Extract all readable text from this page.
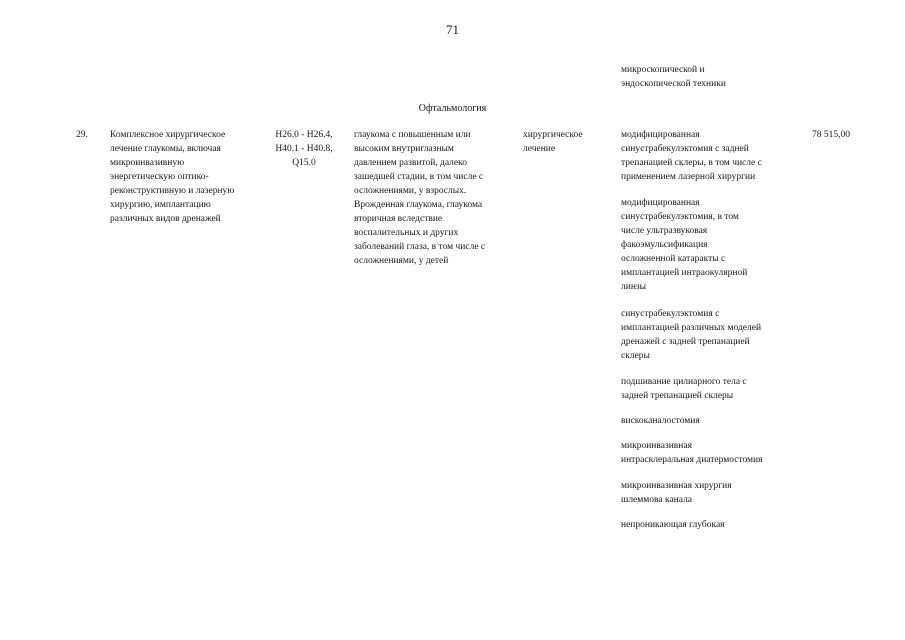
71
микроскопической и
эндоскопической техники
Офтальмология
29. Комплексное хирургическое
лечение глаукомы, включая
микроинвазивную
энергетическую оптико-
реконструктивную и лазерную
хирургию, имплантацию
различных видов дренажей
H26.0 - H26.4,
H40.1 - H40.8,
Q15.0
глаукома с повышенным или
высоким внутриглазным
давлением развитой, далеко
зашедшей стадии, в том числе с
осложнениями, у взрослых.
Врожденная глаукома, глаукома
вторичная вследствие
воспалительных и других
заболеваний глаза, в том числе с
осложнениями, у детей
хирургическое
лечение
78 515,00
модифицированная
синустрабекулэктомия с задней
трепанацией склеры, в том числе с
применением лазерной хирургии
модифицированная
синустрабекулэктомия, в том
числе ультразвуковая
факоэмульсификация
осложненной катаракты с
имплантацией интраокулярной
линзы
синустрабекулэктомия с
имплантацией различных моделей
дренажей с задней трепанацией
склеры
подшивание цилиарного тела с
задней трепанацией склеры
вискоканалостомия
микроинвазивная
интрасклеральная диатермостомия
микроинвазивная хирургия
шлеммова канала
непроникающая глубокая
